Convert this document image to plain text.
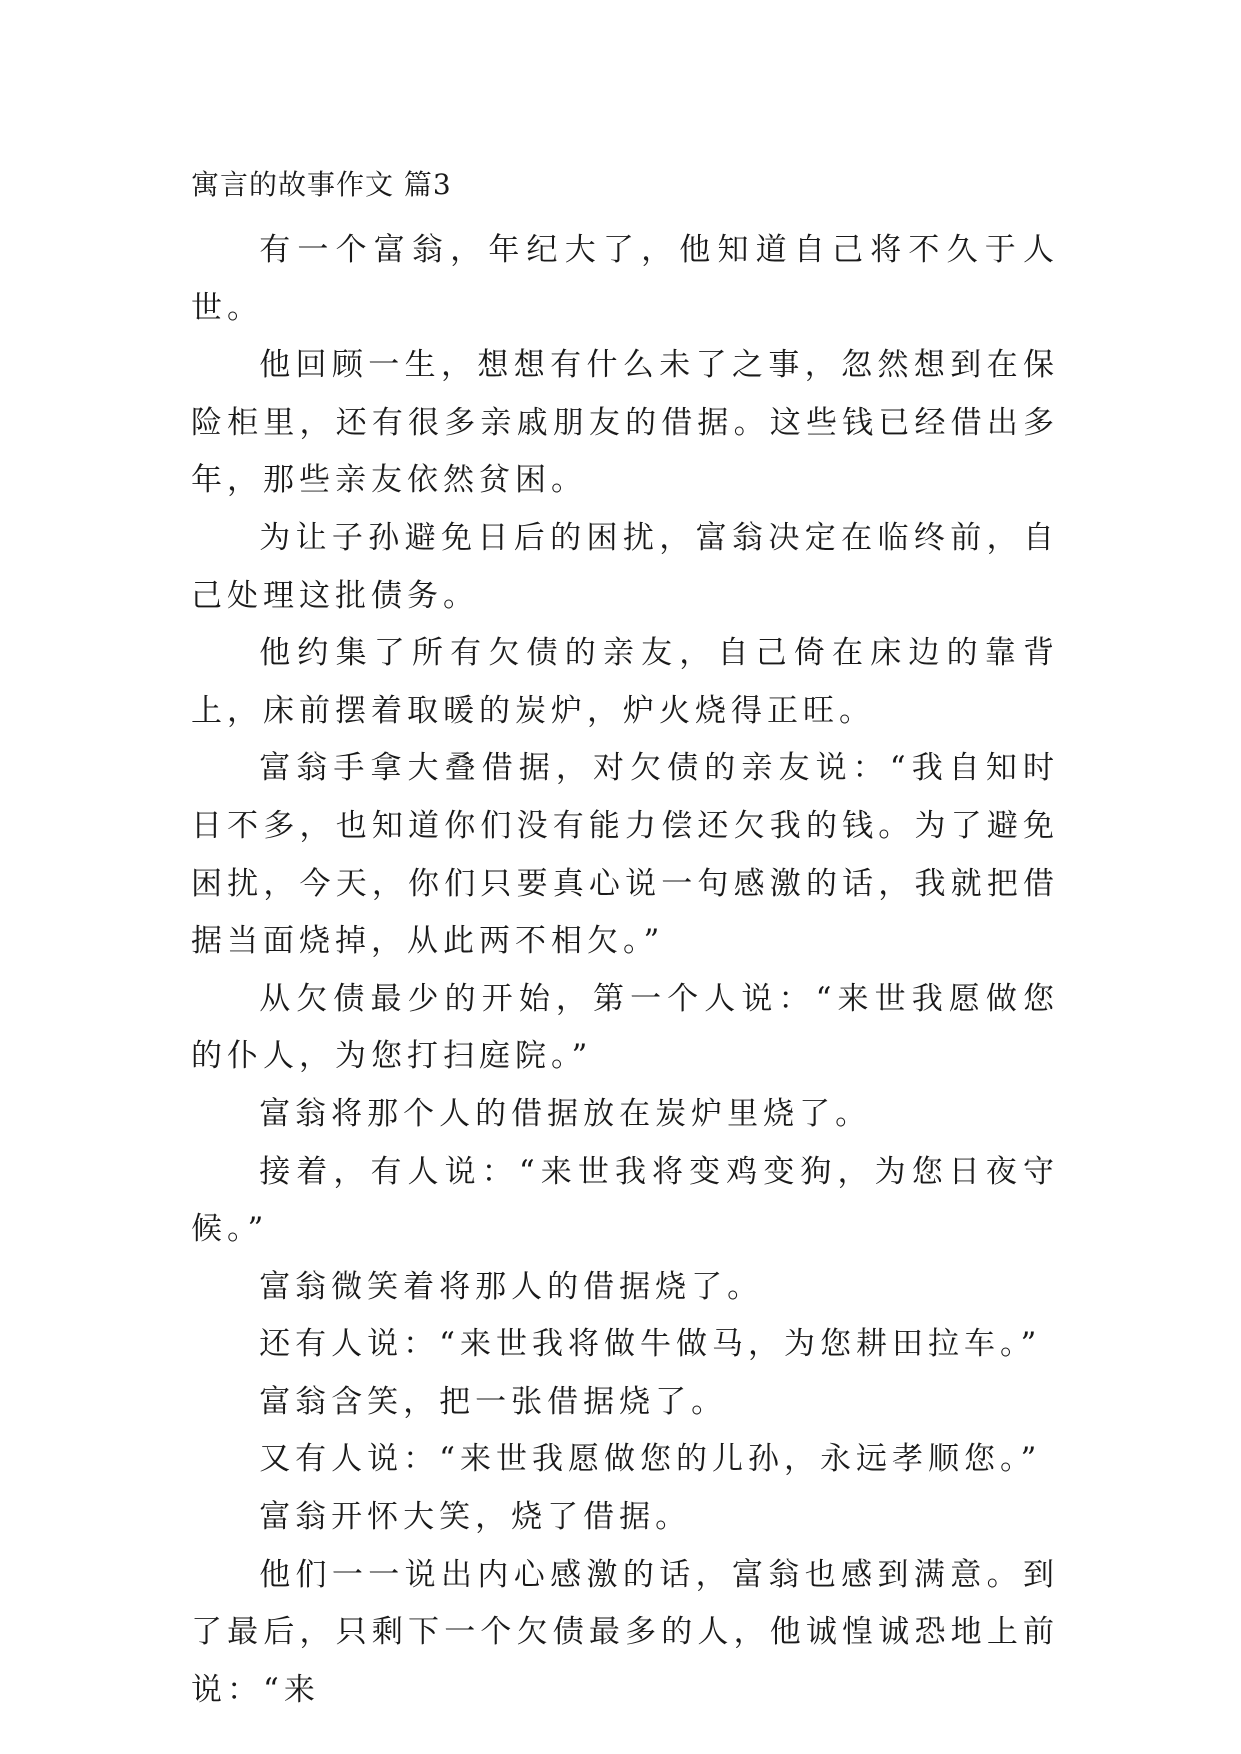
寓言的故事作文 篇3

有一个富翁，年纪大了，他知道自己将不久于人世。

他回顾一生，想想有什么未了之事，忽然想到在保险柜里，还有很多亲戚朋友的借据。这些钱已经借出多年，那些亲友依然贫困。

为让子孙避免日后的困扰，富翁决定在临终前，自己处理这批债务。

他约集了所有欠债的亲友，自己倚在床边的靠背上，床前摆着取暖的炭炉，炉火烧得正旺。

富翁手拿大叠借据，对欠债的亲友说：“我自知时日不多，也知道你们没有能力偿还欠我的钱。为了避免困扰，今天，你们只要真心说一句感激的话，我就把借据当面烧掉，从此两不相欠。”

从欠债最少的开始，第一个人说：“来世我愿做您的仆人，为您打扫庭院。”

富翁将那个人的借据放在炭炉里烧了。

接着，有人说：“来世我将变鸡变狗，为您日夜守候。”

富翁微笑着将那人的借据烧了。

还有人说：“来世我将做牛做马，为您耕田拉车。”

富翁含笑，把一张借据烧了。

又有人说：“来世我愿做您的儿孙，永远孝顺您。”

富翁开怀大笑，烧了借据。

他们一一说出内心感激的话，富翁也感到满意。到了最后，只剩下一个欠债最多的人，他诚惶诚恐地上前说：“来
